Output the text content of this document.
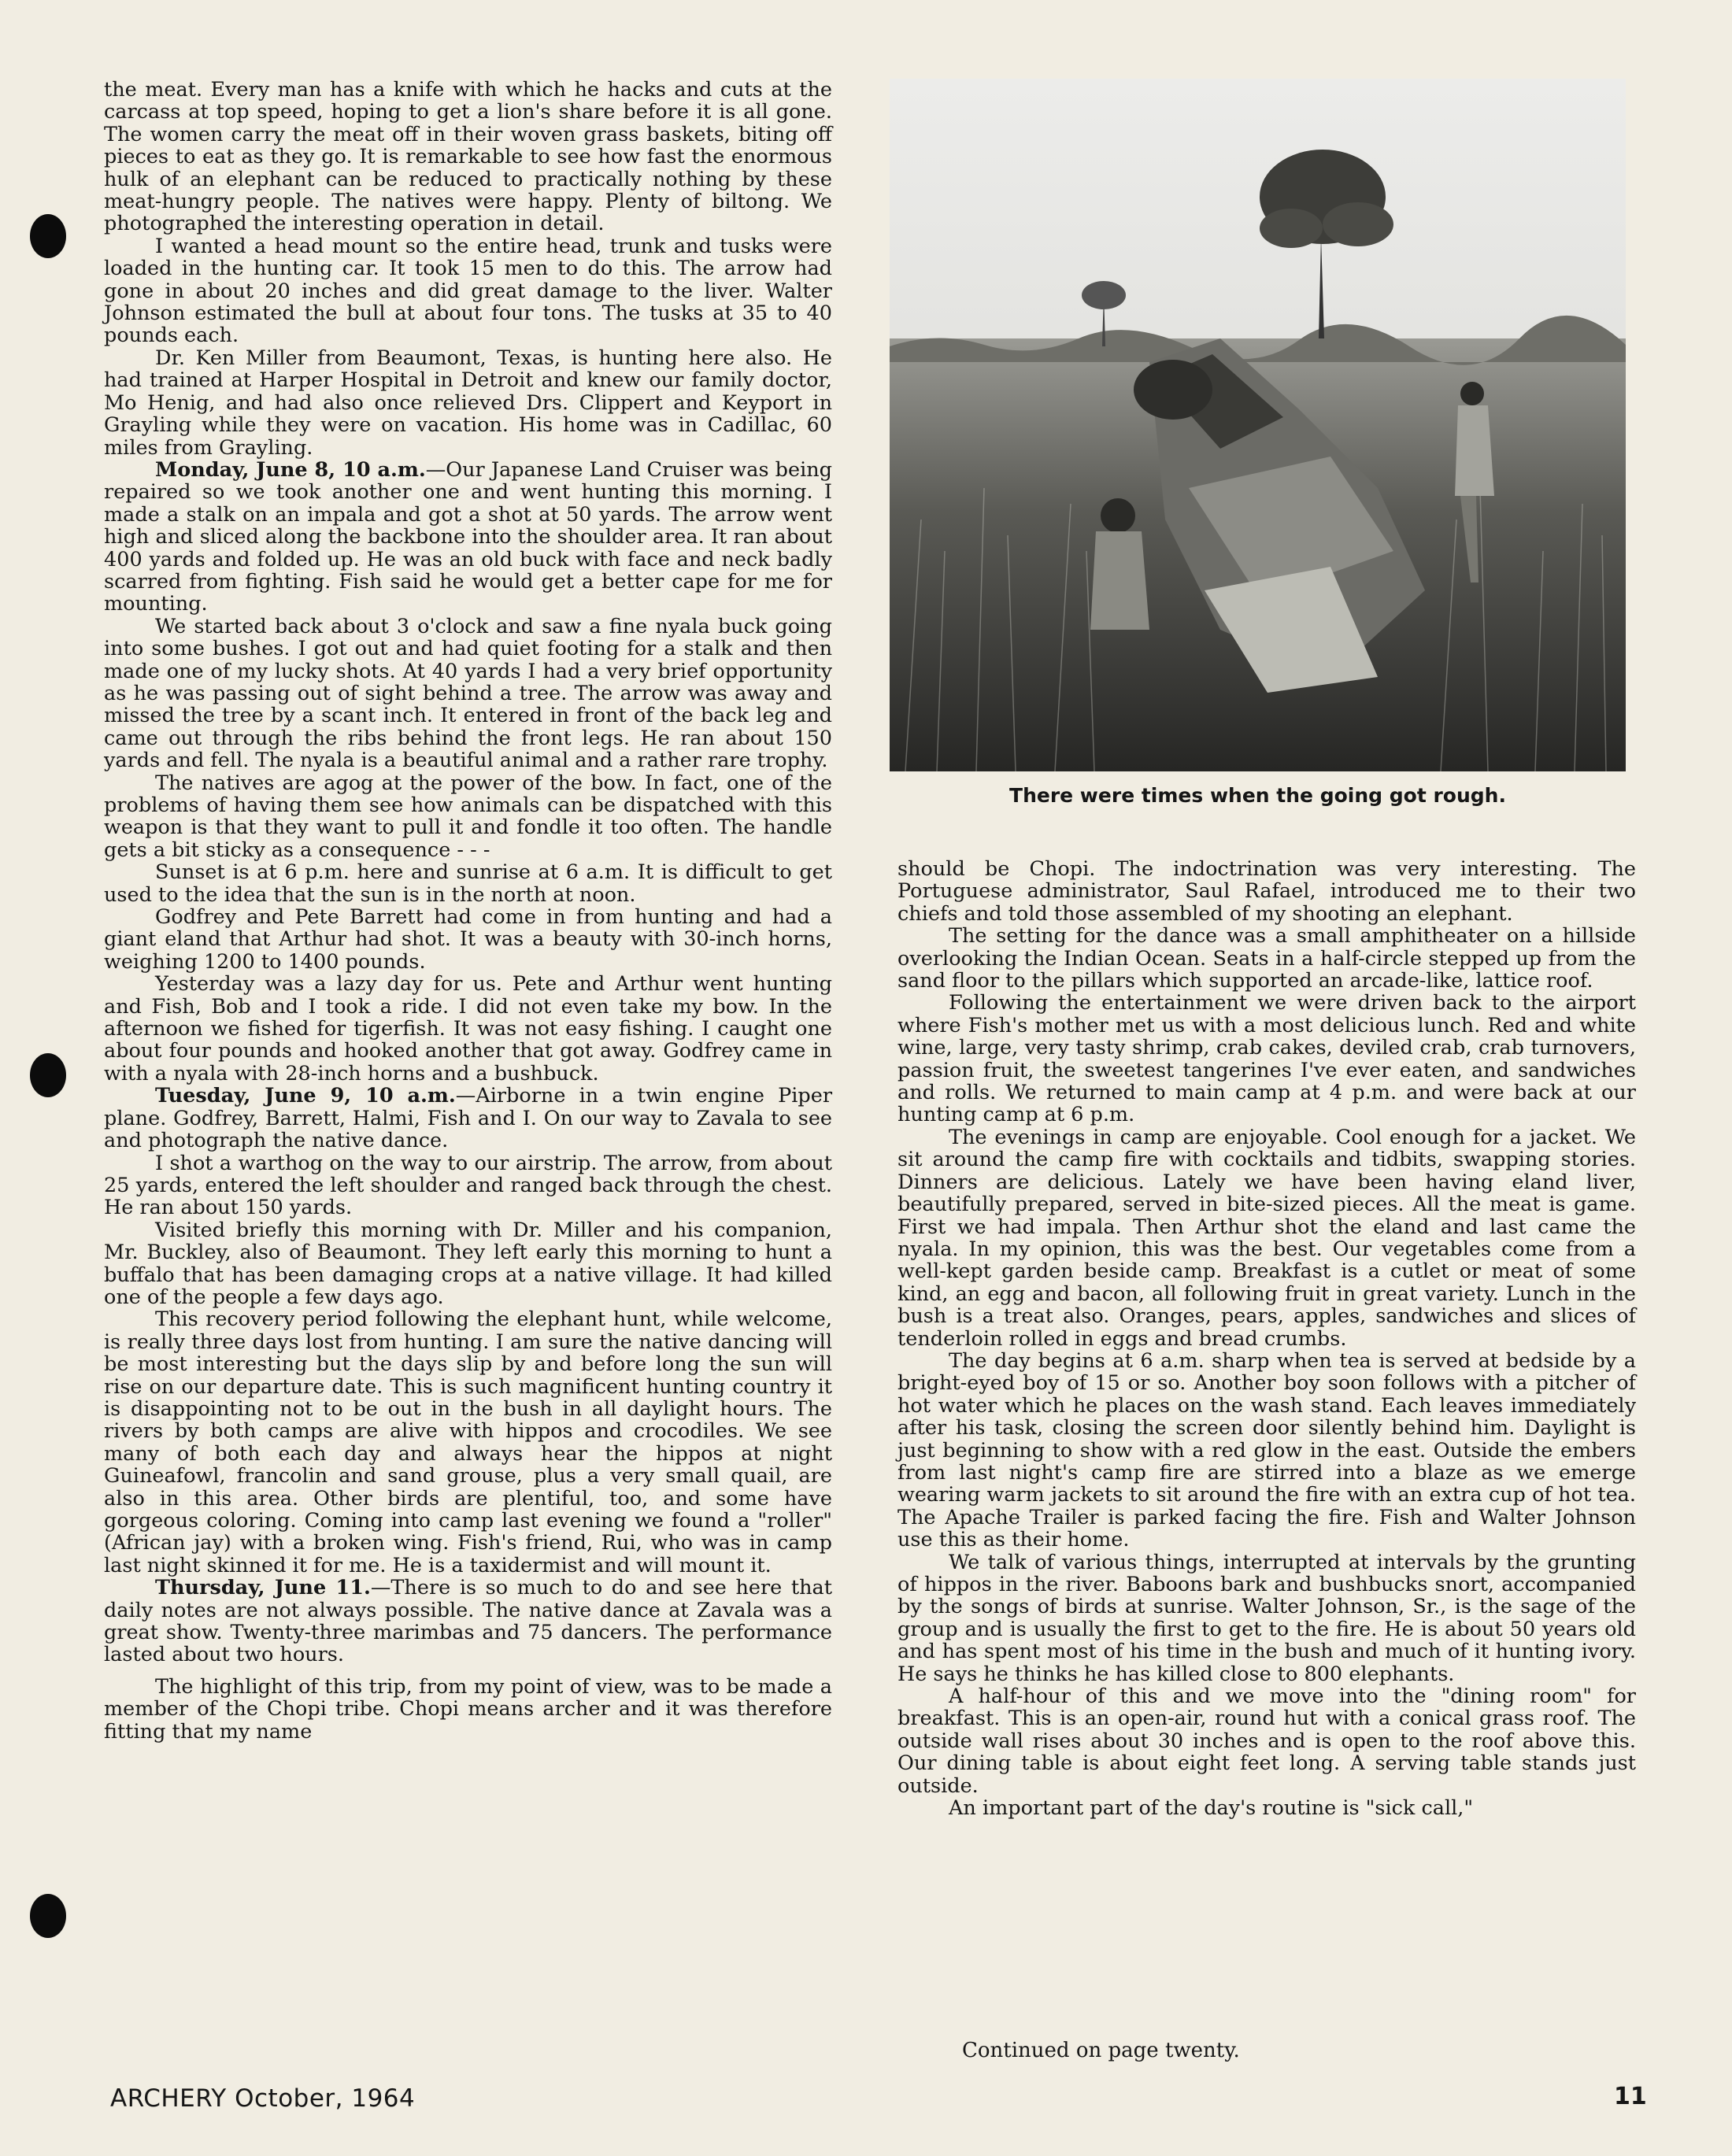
the meat. Every man has a knife with which he hacks and cuts at the carcass at top speed, hoping to get a lion's share before it is all gone. The women carry the meat off in their woven grass baskets, biting off pieces to eat as they go. It is remarkable to see how fast the enormous hulk of an elephant can be reduced to practically nothing by these meat-hungry people. The natives were happy. Plenty of biltong. We photographed the interesting operation in detail.

I wanted a head mount so the entire head, trunk and tusks were loaded in the hunting car. It took 15 men to do this. The arrow had gone in about 20 inches and did great damage to the liver. Walter Johnson estimated the bull at about four tons. The tusks at 35 to 40 pounds each.

Dr. Ken Miller from Beaumont, Texas, is hunting here also. He had trained at Harper Hospital in Detroit and knew our family doctor, Mo Henig, and had also once relieved Drs. Clippert and Keyport in Grayling while they were on vacation. His home was in Cadillac, 60 miles from Grayling.

Monday, June 8, 10 a.m.—Our Japanese Land Cruiser was being repaired so we took another one and went hunting this morning. I made a stalk on an impala and got a shot at 50 yards. The arrow went high and sliced along the backbone into the shoulder area. It ran about 400 yards and folded up. He was an old buck with face and neck badly scarred from fighting. Fish said he would get a better cape for me for mounting.

We started back about 3 o'clock and saw a fine nyala buck going into some bushes. I got out and had quiet footing for a stalk and then made one of my lucky shots. At 40 yards I had a very brief opportunity as he was passing out of sight behind a tree. The arrow was away and missed the tree by a scant inch. It entered in front of the back leg and came out through the ribs behind the front legs. He ran about 150 yards and fell. The nyala is a beautiful animal and a rather rare trophy.

The natives are agog at the power of the bow. In fact, one of the problems of having them see how animals can be dispatched with this weapon is that they want to pull it and fondle it too often. The handle gets a bit sticky as a consequence - - -

Sunset is at 6 p.m. here and sunrise at 6 a.m. It is difficult to get used to the idea that the sun is in the north at noon.

Godfrey and Pete Barrett had come in from hunting and had a giant eland that Arthur had shot. It was a beauty with 30-inch horns, weighing 1200 to 1400 pounds.

Yesterday was a lazy day for us. Pete and Arthur went hunting and Fish, Bob and I took a ride. I did not even take my bow. In the afternoon we fished for tigerfish. It was not easy fishing. I caught one about four pounds and hooked another that got away. Godfrey came in with a nyala with 28-inch horns and a bushbuck.

Tuesday, June 9, 10 a.m.—Airborne in a twin engine Piper plane. Godfrey, Barrett, Halmi, Fish and I. On our way to Zavala to see and photograph the native dance.

I shot a warthog on the way to our airstrip. The arrow, from about 25 yards, entered the left shoulder and ranged back through the chest. He ran about 150 yards.

Visited briefly this morning with Dr. Miller and his companion, Mr. Buckley, also of Beaumont. They left early this morning to hunt a buffalo that has been damaging crops at a native village. It had killed one of the people a few days ago.

This recovery period following the elephant hunt, while welcome, is really three days lost from hunting. I am sure the native dancing will be most interesting but the days slip by and before long the sun will rise on our departure date. This is such magnificent hunting country it is disappointing not to be out in the bush in all daylight hours. The rivers by both camps are alive with hippos and crocodiles. We see many of both each day and always hear the hippos at night Guineafowl, francolin and sand grouse, plus a very small quail, are also in this area. Other birds are plentiful, too, and some have gorgeous coloring. Coming into camp last evening we found a "roller" (African jay) with a broken wing. Fish's friend, Rui, who was in camp last night skinned it for me. He is a taxidermist and will mount it.

Thursday, June 11.—There is so much to do and see here that daily notes are not always possible. The native dance at Zavala was a great show. Twenty-three marimbas and 75 dancers. The performance lasted about two hours.

The highlight of this trip, from my point of view, was to be made a member of the Chopi tribe. Chopi means archer and it was therefore fitting that my name

There were times when the going got rough.

should be Chopi. The indoctrination was very interesting. The Portuguese administrator, Saul Rafael, introduced me to their two chiefs and told those assembled of my shooting an elephant.

The setting for the dance was a small amphitheater on a hillside overlooking the Indian Ocean. Seats in a half-circle stepped up from the sand floor to the pillars which supported an arcade-like, lattice roof.

Following the entertainment we were driven back to the airport where Fish's mother met us with a most delicious lunch. Red and white wine, large, very tasty shrimp, crab cakes, deviled crab, crab turnovers, passion fruit, the sweetest tangerines I've ever eaten, and sandwiches and rolls. We returned to main camp at 4 p.m. and were back at our hunting camp at 6 p.m.

The evenings in camp are enjoyable. Cool enough for a jacket. We sit around the camp fire with cocktails and tidbits, swapping stories. Dinners are delicious. Lately we have been having eland liver, beautifully prepared, served in bite-sized pieces. All the meat is game. First we had impala. Then Arthur shot the eland and last came the nyala. In my opinion, this was the best. Our vegetables come from a well-kept garden beside camp. Breakfast is a cutlet or meat of some kind, an egg and bacon, all following fruit in great variety. Lunch in the bush is a treat also. Oranges, pears, apples, sandwiches and slices of tenderloin rolled in eggs and bread crumbs.

The day begins at 6 a.m. sharp when tea is served at bedside by a bright-eyed boy of 15 or so. Another boy soon follows with a pitcher of hot water which he places on the wash stand. Each leaves immediately after his task, closing the screen door silently behind him. Daylight is just beginning to show with a red glow in the east. Outside the embers from last night's camp fire are stirred into a blaze as we emerge wearing warm jackets to sit around the fire with an extra cup of hot tea. The Apache Trailer is parked facing the fire. Fish and Walter Johnson use this as their home.

We talk of various things, interrupted at intervals by the grunting of hippos in the river. Baboons bark and bushbucks snort, accompanied by the songs of birds at sunrise. Walter Johnson, Sr., is the sage of the group and is usually the first to get to the fire. He is about 50 years old and has spent most of his time in the bush and much of it hunting ivory. He says he thinks he has killed close to 800 elephants.

A half-hour of this and we move into the "dining room" for breakfast. This is an open-air, round hut with a conical grass roof. The outside wall rises about 30 inches and is open to the roof above this. Our dining table is about eight feet long. A serving table stands just outside.

An important part of the day's routine is "sick call,"

Continued on page twenty.
ARCHERY October, 1964	11
